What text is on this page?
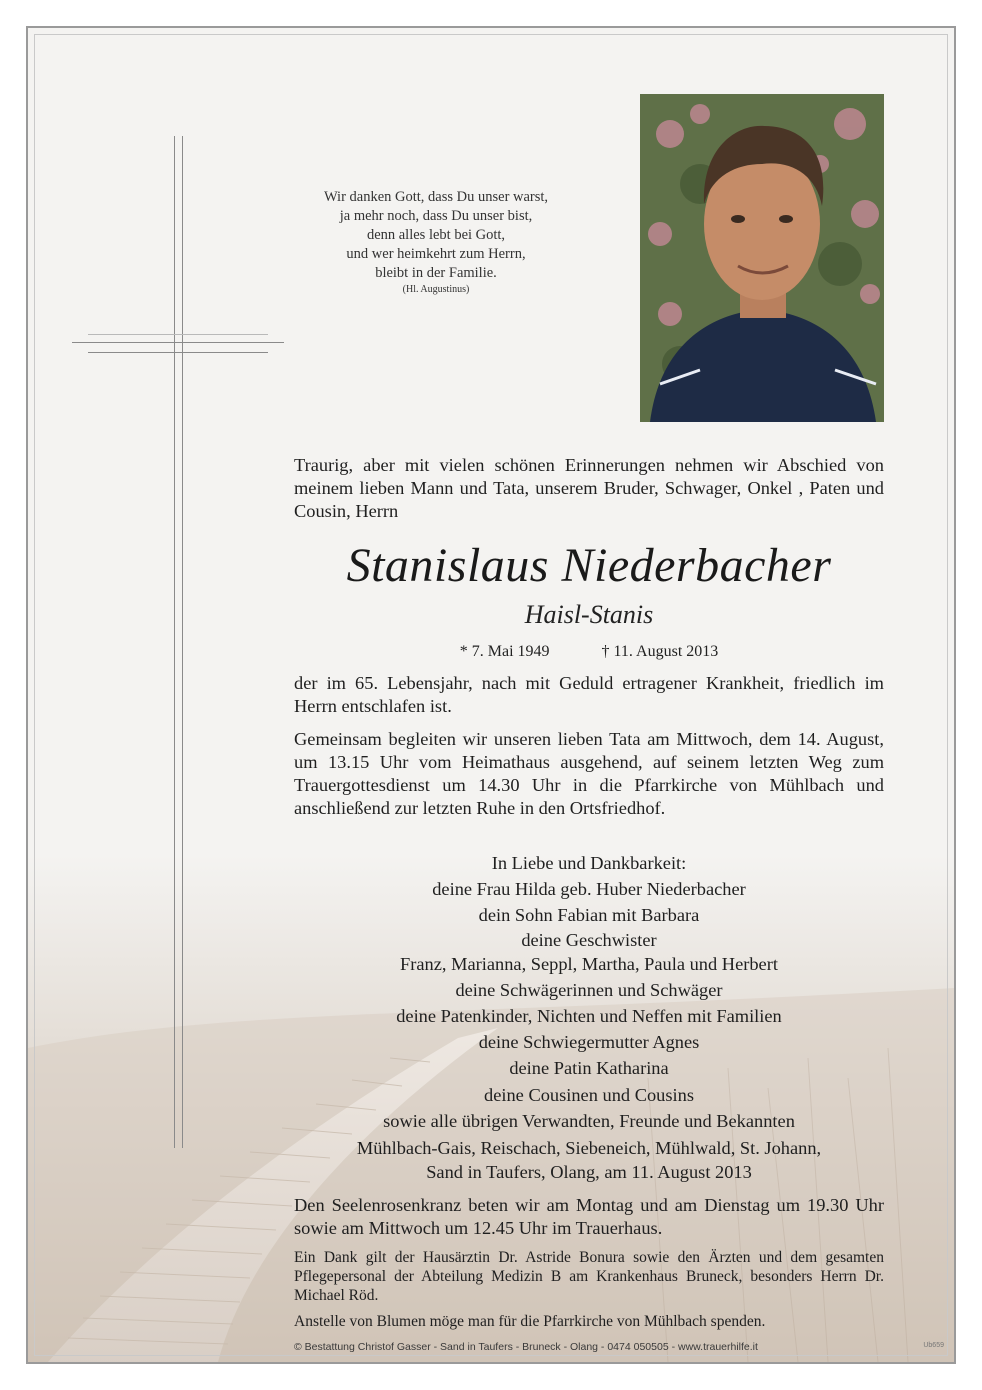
Wir danken Gott, dass Du unser warst,
ja mehr noch, dass Du unser bist,
denn alles lebt bei Gott,
und wer heimkehrt zum Herrn,
bleibt in der Familie.
(Hl. Augustinus)
Traurig, aber mit vielen schönen Erinnerungen nehmen wir Abschied von meinem lieben Mann und Tata, unserem Bruder, Schwager, Onkel , Paten und Cousin, Herrn
Stanislaus Niederbacher
Haisl-Stanis
* 7. Mai 1949	† 11. August 2013
der im 65. Lebensjahr, nach mit Geduld ertragener Krankheit, friedlich im Herrn entschlafen ist.
Gemeinsam begleiten wir unseren lieben Tata am Mittwoch, dem 14. August, um 13.15 Uhr vom Heimathaus ausgehend, auf seinem letzten Weg zum Trauergottesdienst um 14.30 Uhr in die Pfarrkirche von Mühlbach und anschließend zur letzten Ruhe in den Ortsfriedhof.
In Liebe und Dankbarkeit:
deine Frau Hilda geb. Huber Niederbacher
dein Sohn Fabian mit Barbara
deine Geschwister
Franz, Marianna, Seppl, Martha, Paula und Herbert
deine Schwägerinnen und Schwäger
deine Patenkinder, Nichten und Neffen mit Familien
deine Schwiegermutter Agnes
deine Patin Katharina
deine Cousinen und Cousins
sowie alle übrigen Verwandten, Freunde und Bekannten
Mühlbach-Gais, Reischach, Siebeneich, Mühlwald, St. Johann,
Sand in Taufers, Olang, am 11. August 2013
Den Seelenrosenkranz beten wir am Montag und am Dienstag um 19.30 Uhr sowie am Mittwoch um 12.45 Uhr im Trauerhaus.
Ein Dank gilt der Hausärztin Dr. Astride Bonura sowie den Ärzten und dem gesamten Pflegepersonal der Abteilung Medizin B am Krankenhaus Bruneck, besonders Herrn Dr. Michael Röd.
Anstelle von Blumen möge man für die Pfarrkirche von Mühlbach spenden.
© Bestattung Christof Gasser - Sand in Taufers - Bruneck - Olang - 0474 050505 - www.trauerhilfe.it	Ub659
